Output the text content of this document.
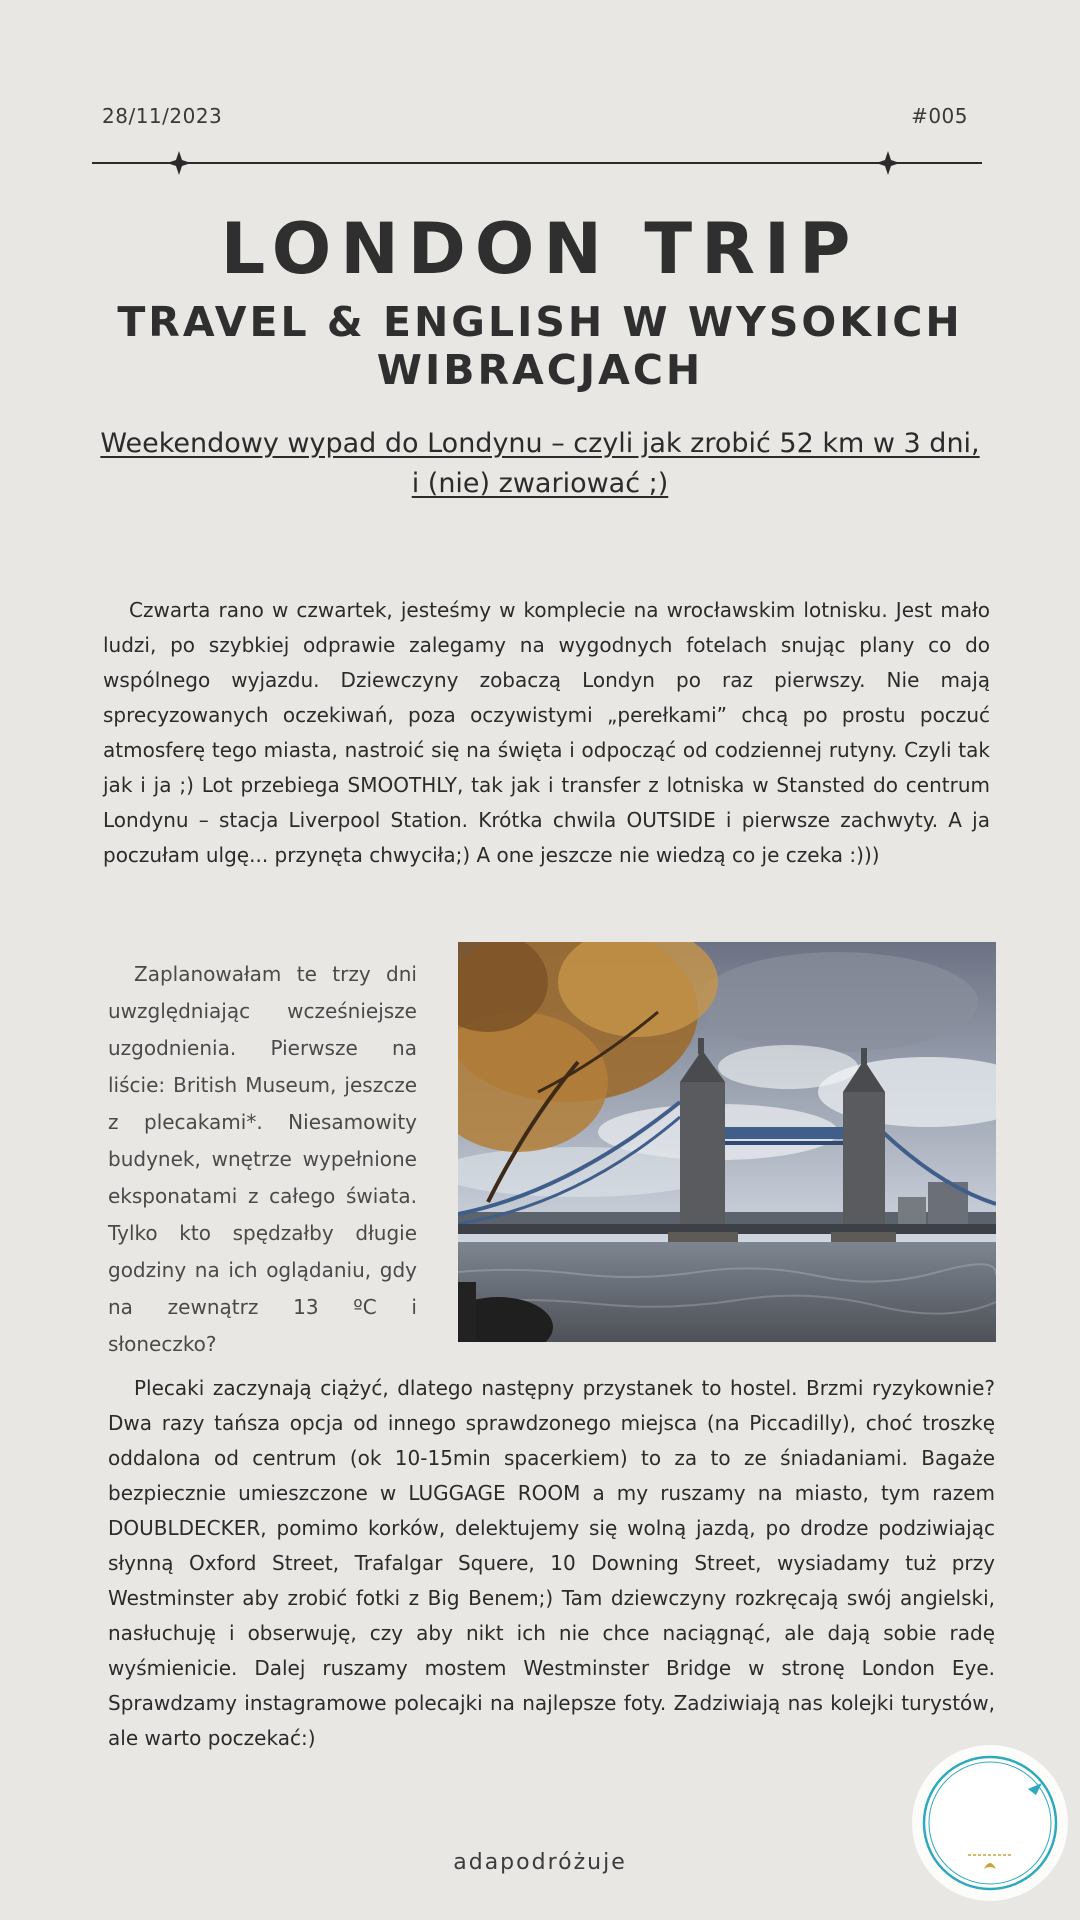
28/11/2023	#005
LONDON TRIP
TRAVEL & ENGLISH W WYSOKICH WIBRACJACH
Weekendowy wypad do Londynu – czyli jak zrobić 52 km w 3 dni,
i (nie) zwariować ;)

Czwarta rano w czwartek, jesteśmy w komplecie na wrocławskim lotnisku. Jest mało ludzi, po szybkiej odprawie zalegamy na wygodnych fotelach snując plany co do wspólnego wyjazdu. Dziewczyny zobaczą Londyn po raz pierwszy. Nie mają sprecyzowanych oczekiwań, poza oczywistymi „perełkami” chcą po prostu poczuć atmosferę tego miasta, nastroić się na święta i odpocząć od codziennej rutyny. Czyli tak jak i ja ;) Lot przebiega SMOOTHLY, tak jak i transfer z lotniska w Stansted do centrum Londynu – stacja Liverpool Station. Krótka chwila OUTSIDE i pierwsze zachwyty. A ja poczułam ulgę... przynęta chwyciła;) A one jeszcze nie wiedzą co je czeka :)))

Zaplanowałam te trzy dni uwzględniając wcześniejsze uzgodnienia. Pierwsze na liście: British Museum, jeszcze z plecakami*. Niesamowity budynek, wnętrze wypełnione eksponatami z całego świata. Tylko kto spędzałby długie godziny na ich oglądaniu, gdy na zewnątrz 13 ºC i słoneczko?

Plecaki zaczynają ciążyć, dlatego następny przystanek to hostel. Brzmi ryzykownie? Dwa razy tańsza opcja od innego sprawdzonego miejsca (na Piccadilly), choć troszkę oddalona od centrum (ok 10-15min spacerkiem) to za to ze śniadaniami. Bagaże bezpiecznie umieszczone w LUGGAGE ROOM a my ruszamy na miasto, tym razem DOUBLDECKER, pomimo korków, delektujemy się wolną jazdą, po drodze podziwiając słynną Oxford Street, Trafalgar Squere, 10 Downing Street, wysiadamy tuż przy Westminster aby zrobić fotki z Big Benem;) Tam dziewczyny rozkręcają swój angielski, nasłuchuję i obserwuję, czy aby nikt ich nie chce naciągnąć, ale dają sobie radę wyśmienicie. Dalej ruszamy mostem Westminster Bridge w stronę London Eye. Sprawdzamy instagramowe polecajki na najlepsze foty. Zadziwiają nas kolejki turystów, ale warto poczekać:)

adapodróżuje
